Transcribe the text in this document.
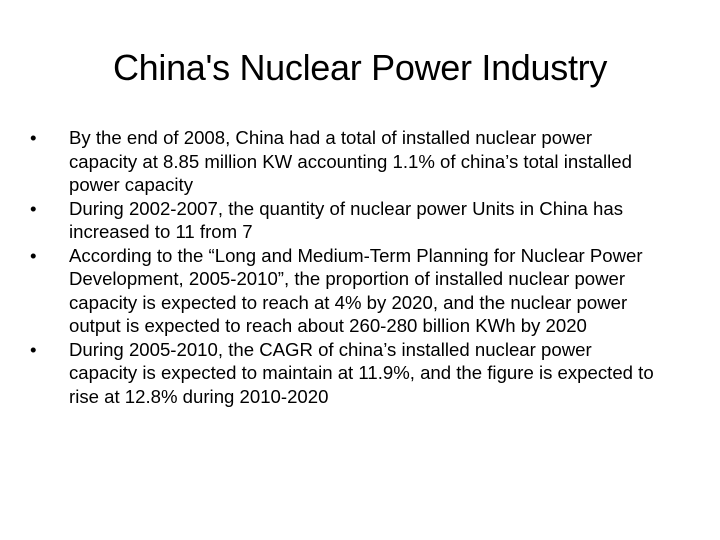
China's Nuclear Power Industry
•	By the end of 2008, China had a total of installed nuclear power capacity at 8.85 million KW accounting 1.1% of china’s total installed power capacity
•	During 2002-2007, the quantity of nuclear power Units in China has increased to 11 from 7
•	According to the “Long and Medium-Term Planning for Nuclear Power Development, 2005-2010”, the proportion of installed nuclear power capacity is expected to reach at 4% by 2020, and the nuclear power output is expected to reach about 260-280 billion KWh by 2020
•	During 2005-2010, the CAGR of china’s installed nuclear power capacity is expected to maintain at 11.9%, and the figure is expected to rise at 12.8% during 2010-2020
